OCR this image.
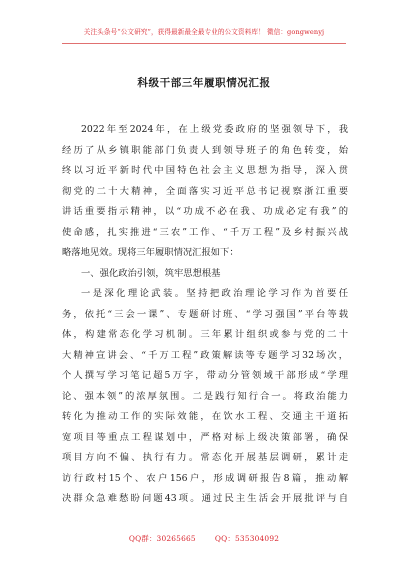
关注头条号“公文研究”，获得最新最全最专业的公文资料库！ 微信：gongwenyj
科级干部三年履职情况汇报
2022年至2024年，在上级党委政府的坚强领导下，我
经历了从乡镇职能部门负责人到领导班子的角色转变，始
终以习近平新时代中国特色社会主义思想为指导，深入贯
彻党的二十大精神，全面落实习近平总书记视察浙江重要
讲话重要指示精神，以“功成不必在我、功成必定有我”的
使命感，扎实推进“三农”工作、“千万工程”及乡村振兴战
略落地见效。现将三年履职情况汇报如下：
一、强化政治引领，筑牢思想根基
一是深化理论武装。坚持把政治理论学习作为首要任
务，依托“三会一课”、专题研讨班、“学习强国”平台等载
体，构建常态化学习机制。三年累计组织或参与党的二十
大精神宣讲会、“千万工程”政策解读等专题学习32场次，
个人撰写学习笔记超5万字，带动分管领域干部形成“学理
论、强本领”的浓厚氛围。二是践行知行合一。将政治能力
转化为推动工作的实际效能，在饮水工程、交通主干道拓
宽项目等重点工程谋划中，严格对标上级决策部署，确保
项目方向不偏、执行有力。常态化开展基层调研，累计走
访行政村15个、农户156户，形成调研报告8篇，推动解
决群众急难愁盼问题43项。通过民主生活会开展批评与自
QQ群：30265665	QQ：535304092
